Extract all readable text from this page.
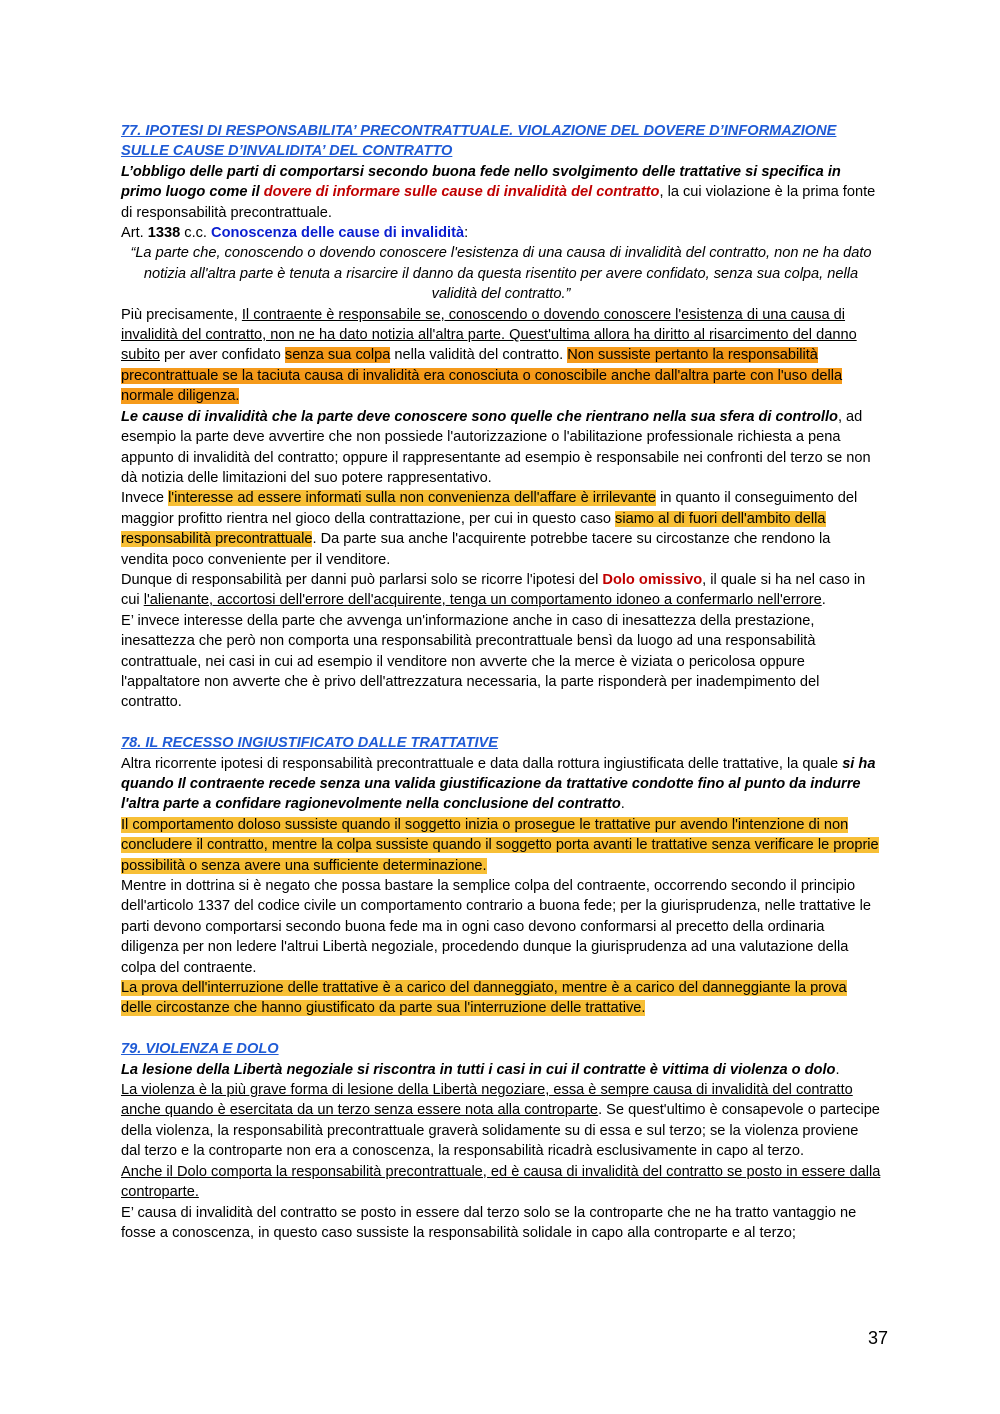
77. IPOTESI DI RESPONSABILITA’ PRECONTRATTUALE. VIOLAZIONE DEL DOVERE D’INFORMAZIONE SULLE CAUSE D’INVALIDITA’ DEL CONTRATTO
L’obbligo delle parti di comportarsi secondo buona fede nello svolgimento delle trattative si specifica in primo luogo come il dovere di informare sulle cause di invalidità del contratto, la cui violazione è la prima fonte di responsabilità precontrattuale.
Art. 1338 c.c. Conoscenza delle cause di invalidità:
“La parte che, conoscendo o dovendo conoscere l'esistenza di una causa di invalidità del contratto, non ne ha dato notizia all'altra parte è tenuta a risarcire il danno da questa risentito per avere confidato, senza sua colpa, nella validità del contratto.”
Più precisamente, Il contraente è responsabile se, conoscendo o dovendo conoscere l'esistenza di una causa di invalidità del contratto, non ne ha dato notizia all'altra parte. Quest'ultima allora ha diritto al risarcimento del danno subito per aver confidato senza sua colpa nella validità del contratto. Non sussiste pertanto la responsabilità precontrattuale se la taciuta causa di invalidità era conosciuta o conoscibile anche dall'altra parte con l'uso della normale diligenza.
Le cause di invalidità che la parte deve conoscere sono quelle che rientrano nella sua sfera di controllo, ad esempio la parte deve avvertire che non possiede l'autorizzazione o l'abilitazione professionale richiesta a pena appunto di invalidità del contratto; oppure il rappresentante ad esempio è responsabile nei confronti del terzo se non dà notizia delle limitazioni del suo potere rappresentativo.
Invece l'interesse ad essere informati sulla non convenienza dell'affare è irrilevante in quanto il conseguimento del maggior profitto rientra nel gioco della contrattazione, per cui in questo caso siamo al di fuori dell'ambito della responsabilità precontrattuale. Da parte sua anche l'acquirente potrebbe tacere su circostanze che rendono la vendita poco conveniente per il venditore.
Dunque di responsabilità per danni può parlarsi solo se ricorre l'ipotesi del Dolo omissivo, il quale si ha nel caso in cui l'alienante, accortosi dell'errore dell'acquirente, tenga un comportamento idoneo a confermarlo nell'errore.
E’ invece interesse della parte che avvenga un'informazione anche in caso di inesattezza della prestazione, inesattezza che però non comporta una responsabilità precontrattuale bensì da luogo ad una responsabilità contrattuale, nei casi in cui ad esempio il venditore non avverte che la merce è viziata o pericolosa oppure l'appaltatore non avverte che è privo dell'attrezzatura necessaria, la parte risponderà per inadempimento del contratto.
78. IL RECESSO INGIUSTIFICATO DALLE TRATTATIVE
Altra ricorrente ipotesi di responsabilità precontrattuale e data dalla rottura ingiustificata delle trattative, la quale si ha quando Il contraente recede senza una valida giustificazione da trattative condotte fino al punto da indurre l'altra parte a confidare ragionevolmente nella conclusione del contratto.
Il comportamento doloso sussiste quando il soggetto inizia o prosegue le trattative pur avendo l'intenzione di non concludere il contratto, mentre la colpa sussiste quando il soggetto porta avanti le trattative senza verificare le proprie possibilità o senza avere una sufficiente determinazione.
Mentre in dottrina si è negato che possa bastare la semplice colpa del contraente, occorrendo secondo il principio dell'articolo 1337 del codice civile un comportamento contrario a buona fede; per la giurisprudenza, nelle trattative le parti devono comportarsi secondo buona fede ma in ogni caso devono conformarsi al precetto della ordinaria diligenza per non ledere l'altrui Libertà negoziale, procedendo dunque la giurisprudenza ad una valutazione della colpa del contraente.
La prova dell'interruzione delle trattative è a carico del danneggiato, mentre è a carico del danneggiante la prova delle circostanze che hanno giustificato da parte sua l'interruzione delle trattative.
79. VIOLENZA E DOLO
La lesione della Libertà negoziale si riscontra in tutti i casi in cui il contratte è vittima di violenza o dolo.
La violenza è la più grave forma di lesione della Libertà negoziare, essa è sempre causa di invalidità del contratto anche quando è esercitata da un terzo senza essere nota alla controparte. Se quest'ultimo è consapevole o partecipe della violenza, la responsabilità precontrattuale graverà solidamente su di essa e sul terzo; se la violenza proviene dal terzo e la controparte non era a conoscenza, la responsabilità ricadrà esclusivamente in capo al terzo.
Anche il Dolo comporta la responsabilità precontrattuale, ed è causa di invalidità del contratto se posto in essere dalla controparte.
E’ causa di invalidità del contratto se posto in essere dal terzo solo se la controparte che ne ha tratto vantaggio ne fosse a conoscenza, in questo caso sussiste la responsabilità solidale in capo alla controparte e al terzo;
37
